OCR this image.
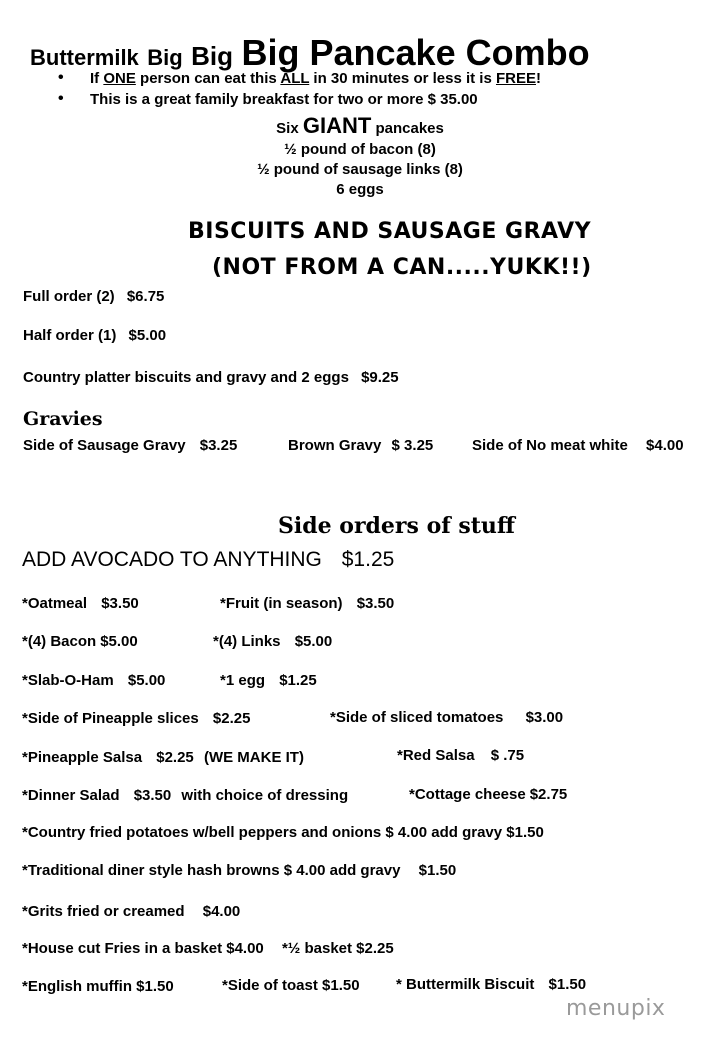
Buttermilk Big Big Big Pancake Combo
• If ONE person can eat this ALL in 30 minutes or less it is FREE!
• This is a great family breakfast for two or more $ 35.00
Six GIANT pancakes
½ pound of bacon (8)
½ pound of sausage links (8)
6 eggs
BISCUITS AND SAUSAGE GRAVY
(NOT FROM A CAN.....YUKK!!)
Full order (2) $6.75
Half order (1) $5.00
Country platter biscuits and gravy and 2 eggs $9.25
Gravies
Side of Sausage Gravy $3.25	Brown Gravy $ 3.25	Side of No meat white $4.00
Side orders of stuff
ADD AVOCADO TO ANYTHING $1.25
*Oatmeal $3.50	*Fruit (in season) $3.50
*(4) Bacon $5.00	*(4) Links $5.00
*Slab-O-Ham $5.00	*1 egg $1.25
*Side of Pineapple slices $2.25	*Side of sliced tomatoes $3.00
*Pineapple Salsa $2.25 (WE MAKE IT)	*Red Salsa $ .75
*Dinner Salad $3.50 with choice of dressing	*Cottage cheese $2.75
*Country fried potatoes w/bell peppers and onions $ 4.00 add gravy $1.50
*Traditional diner style hash browns $ 4.00 add gravy $1.50
*Grits fried or creamed $4.00
*House cut Fries in a basket $4.00 *½ basket $2.25
*English muffin $1.50	*Side of toast $1.50 * Buttermilk Biscuit $1.50
menupix
